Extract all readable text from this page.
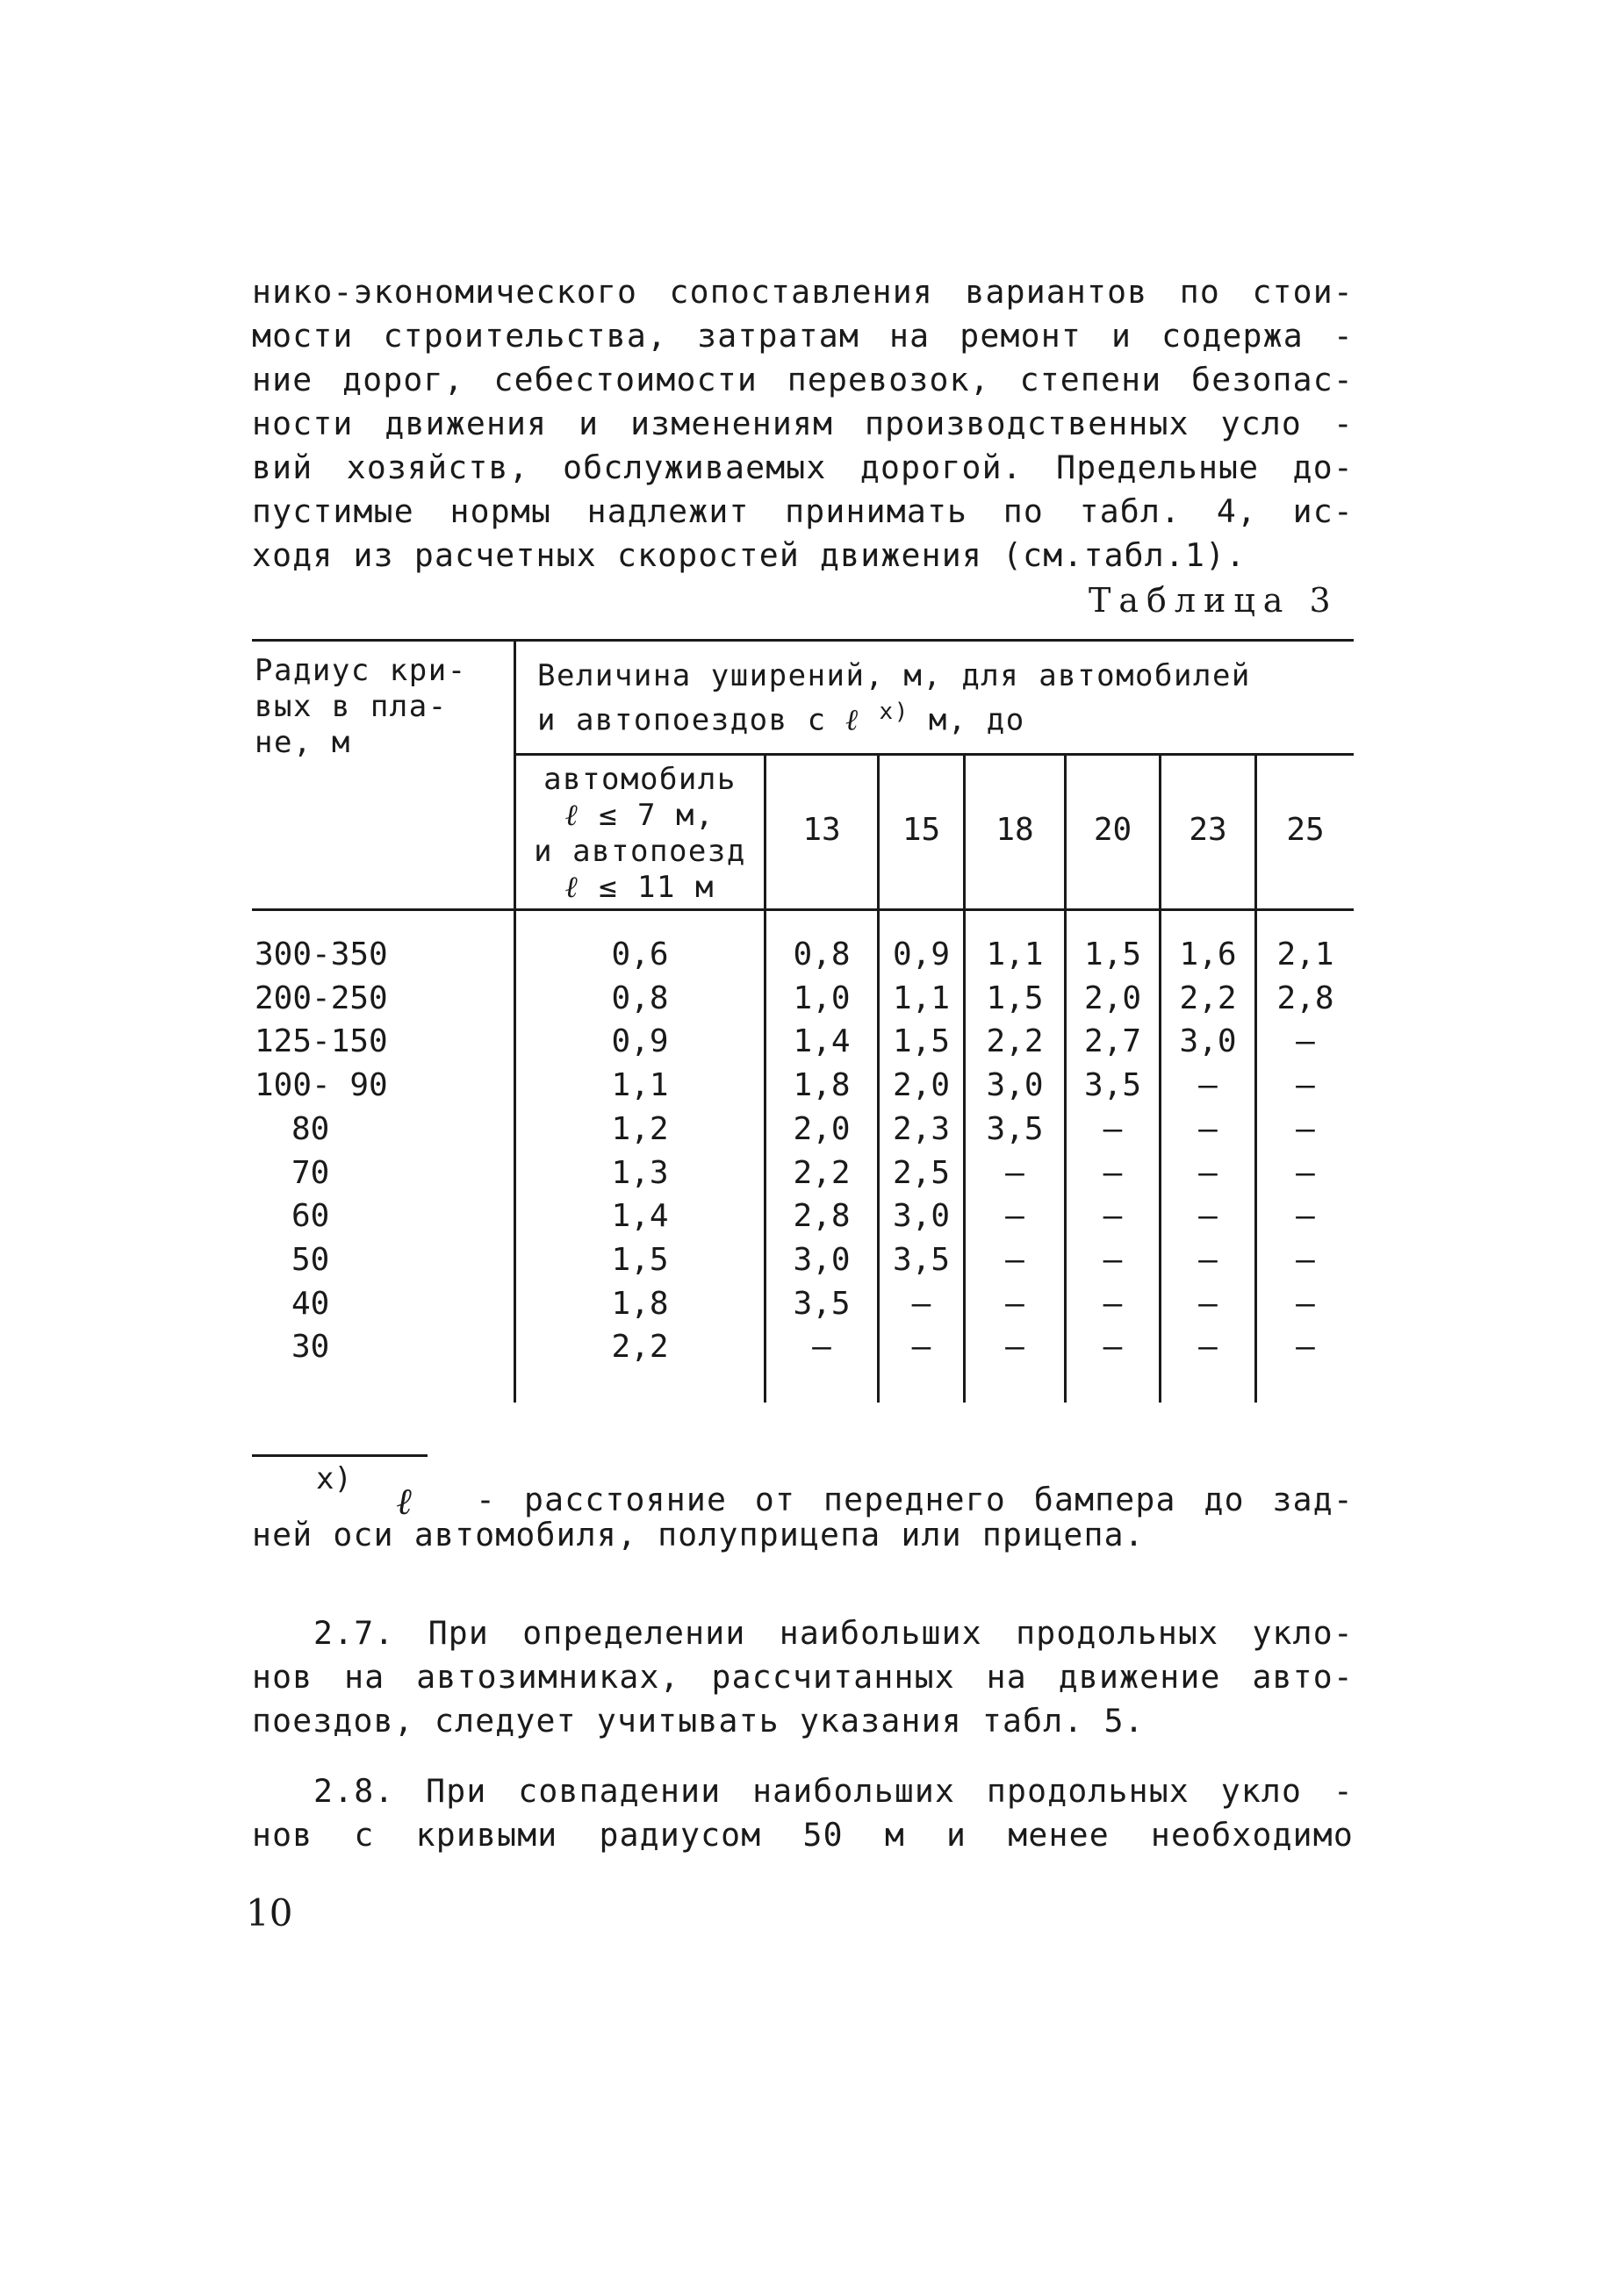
нико-экономического сопоставления вариантов по стои-
мости строительства, затратам на ремонт и содержа -
ние дорог, себестоимости перевозок, степени безопас-
ности движения и изменениям производственных усло -
вий хозяйств, обслуживаемых дорогой. Предельные до-
пустимые нормы надлежит принимать по табл. 4, ис-
ходя из расчетных скоростей движения (см.табл.1).
Таблица 3
Радиус кри-
вых в пла-
не, м
Величина уширений, м, для автомобилей
и автопоездов с ℓ $^{х)}$ м, до
автомобиль
ℓ ≤ 7 м,
и автопоезд
ℓ ≤ 11 м
13	15	18	20	23	25
300-350	0,6	0,8	0,9	1,1	1,5	1,6	2,1
200-250	0,8	1,0	1,1	1,5	2,0	2,2	2,8
125-150	0,9	1,4	1,5	2,2	2,7	3,0	–
100- 90	1,1	1,8	2,0	3,0	3,5	–	–
80	1,2	2,0	2,3	3,5	–	–	–
70	1,3	2,2	2,5	–	–	–	–
60	1,4	2,8	3,0	–	–	–	–
50	1,5	3,0	3,5	–	–	–	–
40	1,8	3,5	–	–	–	–	–
30	2,2	–	–	–	–	–	–
х)
ℓ	- расстояние от переднего бампера до зад-
ней оси автомобиля, полуприцепа или прицепа.
2.7. При определении наибольших продольных укло-
нов на автозимниках, рассчитанных на движение авто-
поездов, следует учитывать указания табл. 5.
2.8. При совпадении наибольших продольных укло -
нов с кривыми радиусом 50 м и менее необходимо
10
